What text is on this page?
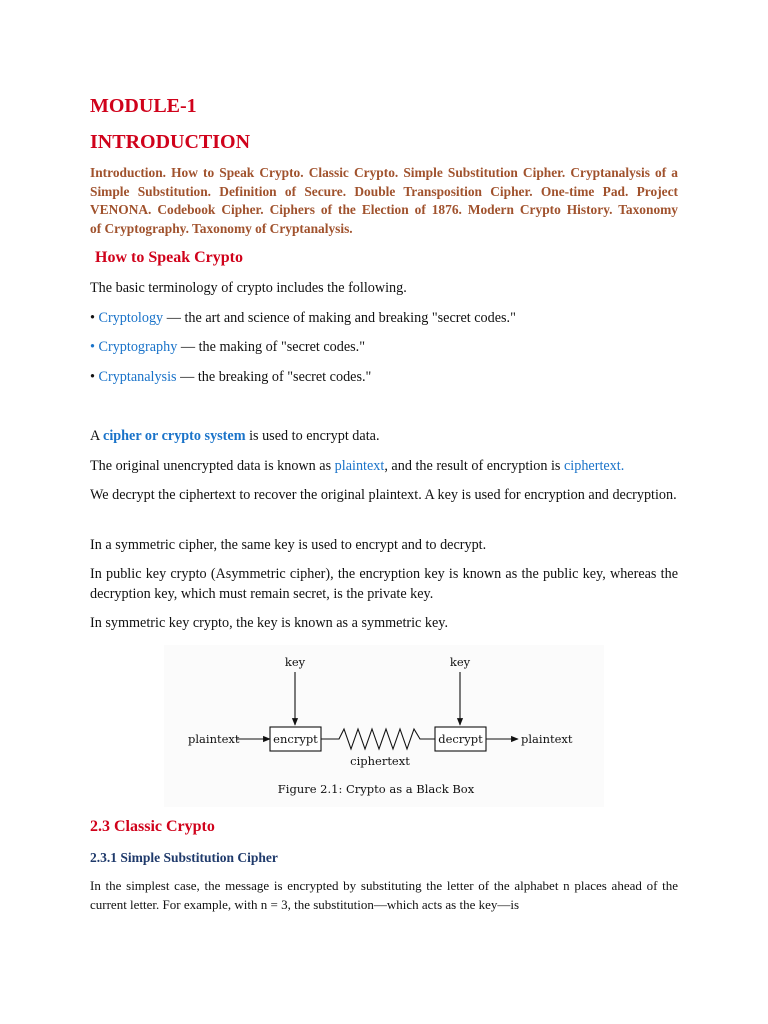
MODULE-1
INTRODUCTION
Introduction. How to Speak Crypto. Classic Crypto. Simple Substitution Cipher. Cryptanalysis of a
Simple Substitution. Definition of Secure. Double Transposition Cipher. One-time Pad. Project
VENONA. Codebook Cipher. Ciphers of the Election of 1876. Modern Crypto History. Taxonomy
of Cryptography. Taxonomy of Cryptanalysis.
How to Speak Crypto

The basic terminology of crypto includes the following.

• Cryptology — the art and science of making and breaking "secret codes."

• Cryptography — the making of "secret codes."

• Cryptanalysis — the breaking of "secret codes."

A cipher or crypto system is used to encrypt data.

The original unencrypted data is known as plaintext, and the result of encryption is ciphertext.

We decrypt the ciphertext to recover the original plaintext. A key is used for encryption and decryption.

In a symmetric cipher, the same key is used to encrypt and to decrypt.

In public key crypto (Asymmetric cipher), the encryption key is known as the public key, whereas the decryption key, which must remain secret, is the private key.

In symmetric key crypto, the key is known as a symmetric key.

key	key
plaintext	encrypt
ciphertext
decrypt	plaintext
Figure 2.1: Crypto as a Black Box
2.3 Classic Crypto
2.3.1 Simple Substitution Cipher

In the simplest case, the message is encrypted by substituting the letter of the alphabet n places ahead of the current letter. For example, with n = 3, the substitution—which acts as the key—is
